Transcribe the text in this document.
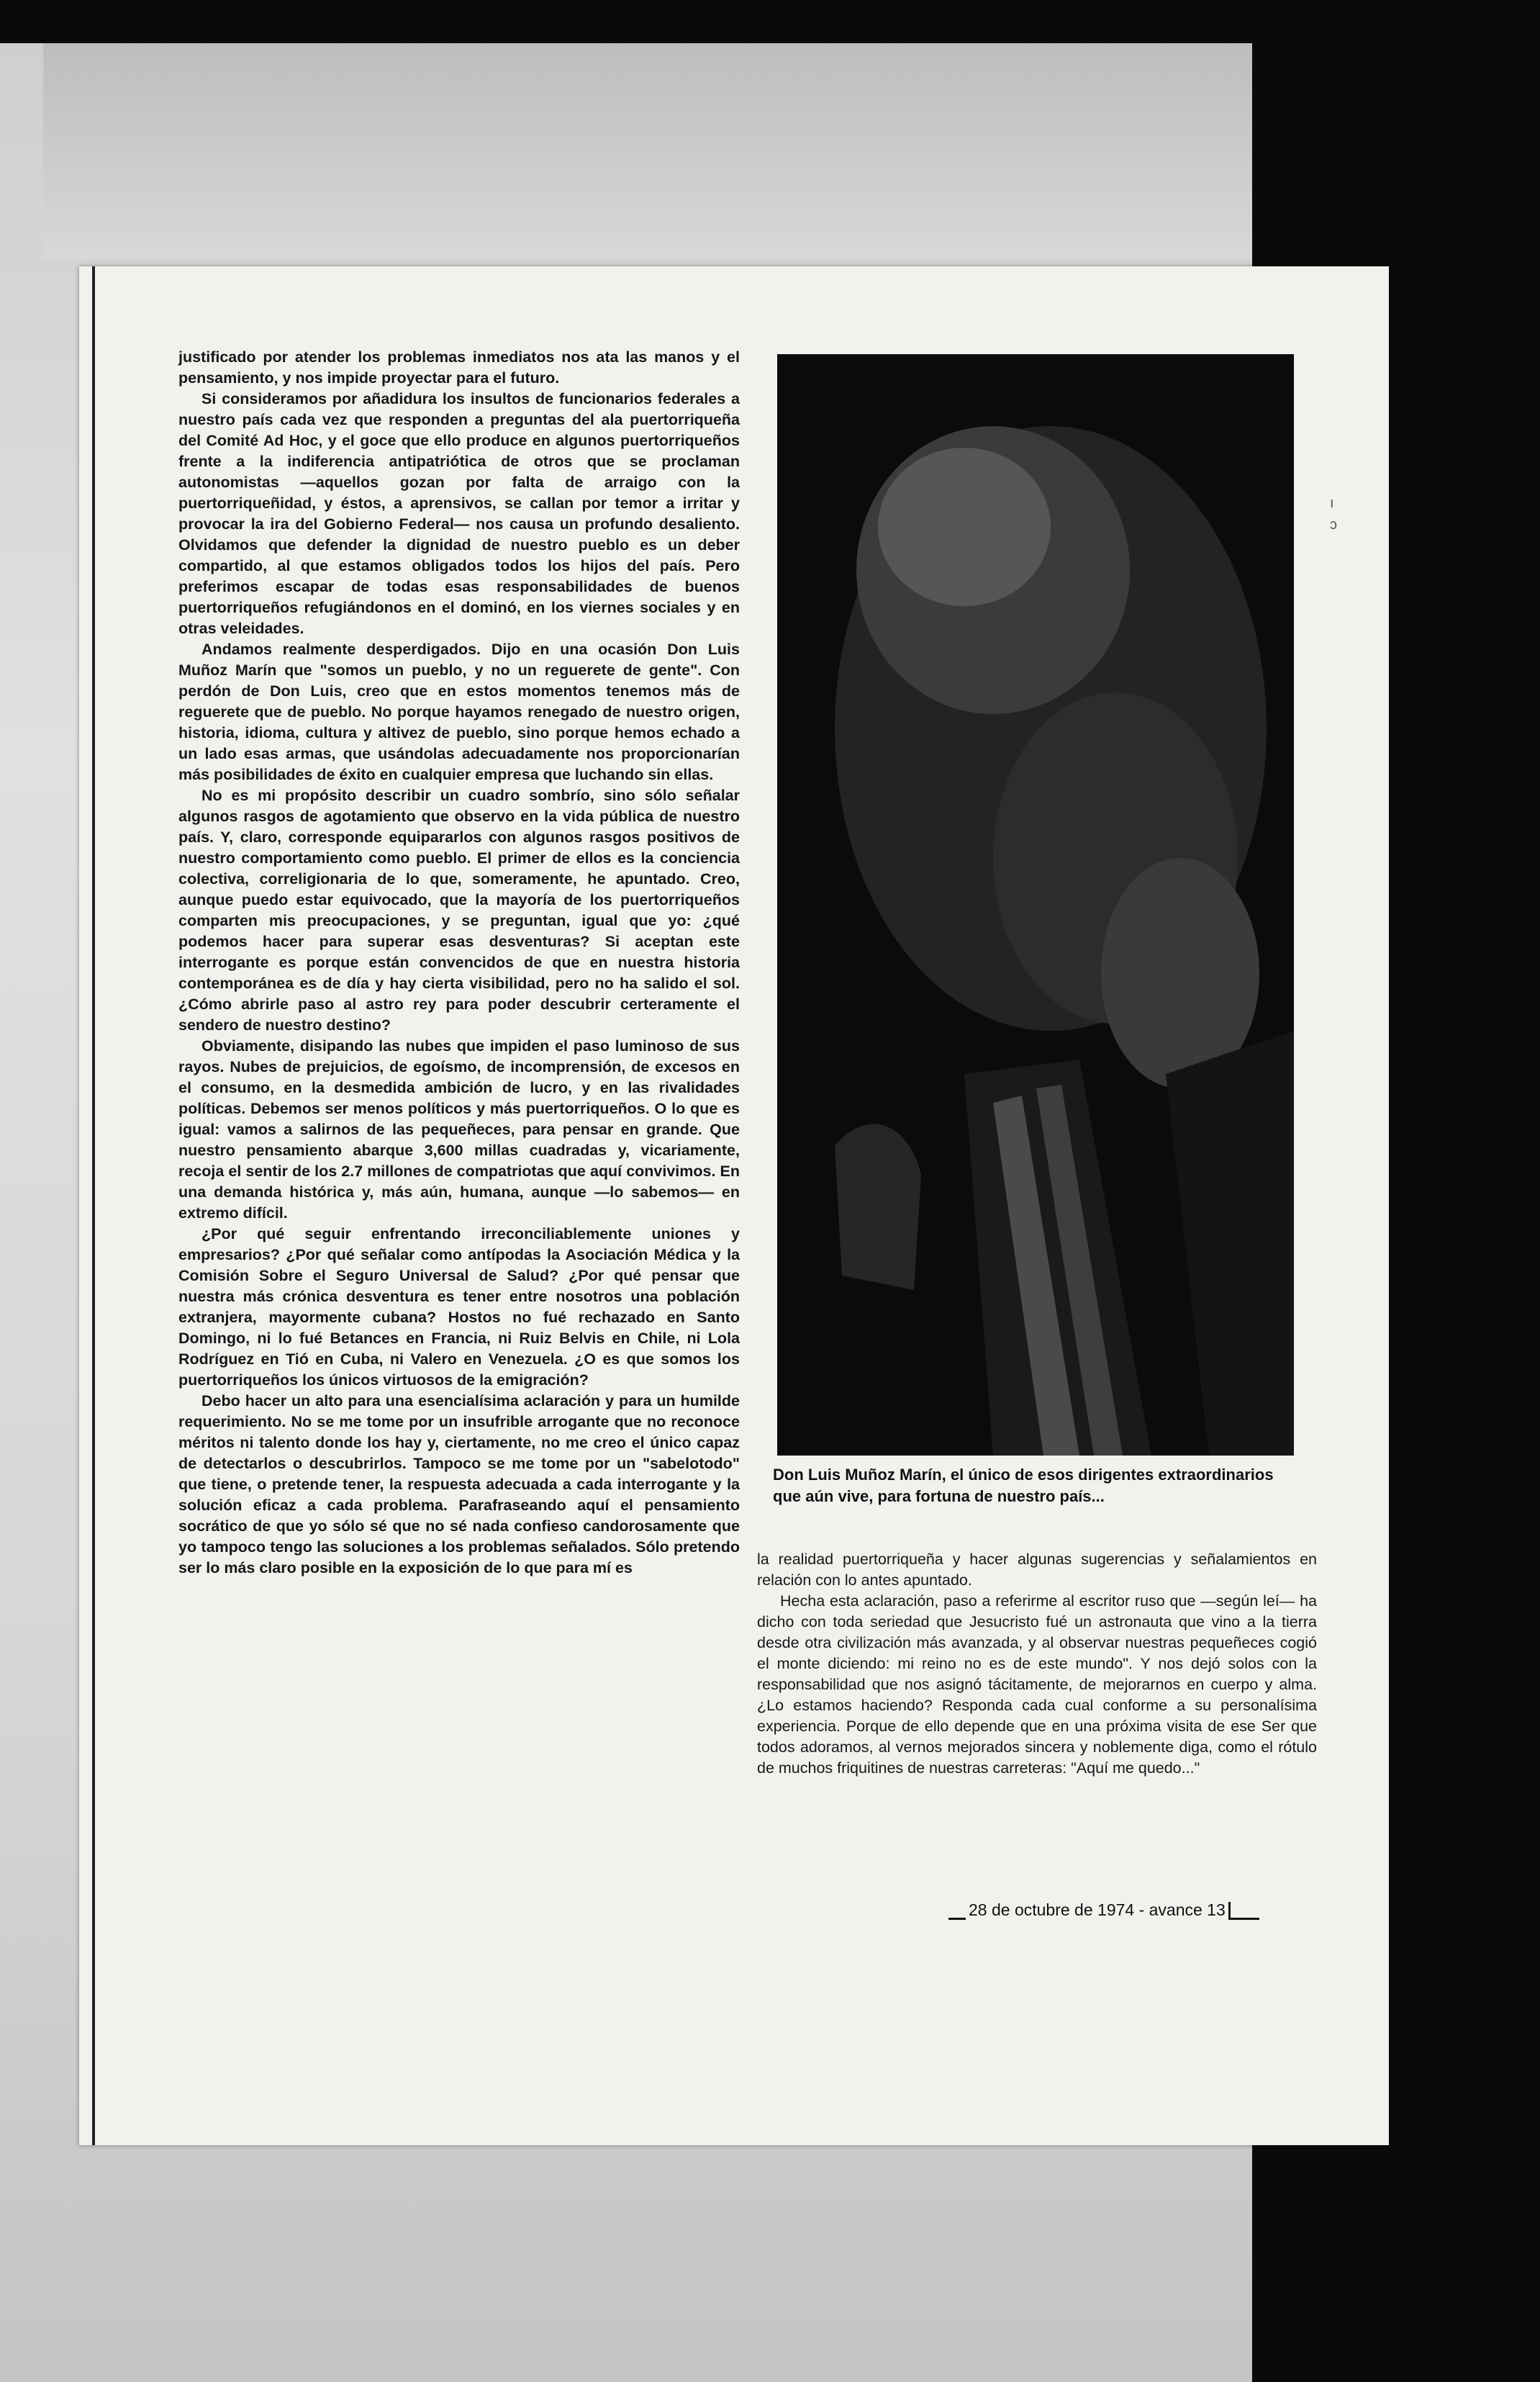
ı
ɔ

justificado por atender los problemas inmediatos nos ata las manos y el pensamiento, y nos impide proyectar para el futuro.

Si consideramos por añadidura los insultos de funcionarios federales a nuestro país cada vez que responden a preguntas del ala puertorriqueña del Comité Ad Hoc, y el goce que ello produce en algunos puertorriqueños frente a la indiferencia antipatriótica de otros que se proclaman autonomistas —aquellos gozan por falta de arraigo con la puertorriqueñidad, y éstos, a aprensivos, se callan por temor a irritar y provocar la ira del Gobierno Federal— nos causa un profundo desaliento. Olvidamos que defender la dignidad de nuestro pueblo es un deber compartido, al que estamos obligados todos los hijos del país. Pero preferimos escapar de todas esas responsabilidades de buenos puertorriqueños refugiándonos en el dominó, en los viernes sociales y en otras veleidades.

Andamos realmente desperdigados. Dijo en una ocasión Don Luis Muñoz Marín que "somos un pueblo, y no un reguerete de gente". Con perdón de Don Luis, creo que en estos momentos tenemos más de reguerete que de pueblo. No porque hayamos renegado de nuestro origen, historia, idioma, cultura y altivez de pueblo, sino porque hemos echado a un lado esas armas, que usándolas adecuadamente nos proporcionarían más posibilidades de éxito en cualquier empresa que luchando sin ellas.

No es mi propósito describir un cuadro sombrío, sino sólo señalar algunos rasgos de agotamiento que observo en la vida pública de nuestro país. Y, claro, corresponde equipararlos con algunos rasgos positivos de nuestro comportamiento como pueblo. El primer de ellos es la conciencia colectiva, correligionaria de lo que, someramente, he apuntado. Creo, aunque puedo estar equivocado, que la mayoría de los puertorriqueños comparten mis preocupaciones, y se preguntan, igual que yo: ¿qué podemos hacer para superar esas desventuras? Si aceptan este interrogante es porque están convencidos de que en nuestra historia contemporánea es de día y hay cierta visibilidad, pero no ha salido el sol. ¿Cómo abrirle paso al astro rey para poder descubrir certeramente el sendero de nuestro destino?

Obviamente, disipando las nubes que impiden el paso luminoso de sus rayos. Nubes de prejuicios, de egoísmo, de incomprensión, de excesos en el consumo, en la desmedida ambición de lucro, y en las rivalidades políticas. Debemos ser menos políticos y más puertorriqueños. O lo que es igual: vamos a salirnos de las pequeñeces, para pensar en grande. Que nuestro pensamiento abarque 3,600 millas cuadradas y, vicariamente, recoja el sentir de los 2.7 millones de compatriotas que aquí convivimos. En una demanda histórica y, más aún, humana, aunque —lo sabemos— en extremo difícil.

¿Por qué seguir enfrentando irreconciliablemente uniones y empresarios? ¿Por qué señalar como antípodas la Asociación Médica y la Comisión Sobre el Seguro Universal de Salud? ¿Por qué pensar que nuestra más crónica desventura es tener entre nosotros una población extranjera, mayormente cubana? Hostos no fué rechazado en Santo Domingo, ni lo fué Betances en Francia, ni Ruiz Belvis en Chile, ni Lola Rodríguez en Tió en Cuba, ni Valero en Venezuela. ¿O es que somos los puertorriqueños los únicos virtuosos de la emigración?

Debo hacer un alto para una esencialísima aclaración y para un humilde requerimiento. No se me tome por un insufrible arrogante que no reconoce méritos ni talento donde los hay y, ciertamente, no me creo el único capaz de detectarlos o descubrirlos. Tampoco se me tome por un "sabelotodo" que tiene, o pretende tener, la respuesta adecuada a cada interrogante y la solución eficaz a cada problema. Parafraseando aquí el pensamiento socrático de que yo sólo sé que no sé nada confieso candorosamente que yo tampoco tengo las soluciones a los problemas señalados. Sólo pretendo ser lo más claro posible en la exposición de lo que para mí es

Don Luis Muñoz Marín, el único de esos dirigentes extraordinarios que aún vive, para fortuna de nuestro país...

la realidad puertorriqueña y hacer algunas sugerencias y señalamientos en relación con lo antes apuntado.

Hecha esta aclaración, paso a referirme al escritor ruso que —según leí— ha dicho con toda seriedad que Jesucristo fué un astronauta que vino a la tierra desde otra civilización más avanzada, y al observar nuestras pequeñeces cogió el monte diciendo: mi reino no es de este mundo". Y nos dejó solos con la responsabilidad que nos asignó tácitamente, de mejorarnos en cuerpo y alma. ¿Lo estamos haciendo? Responda cada cual conforme a su personalísima experiencia. Porque de ello depende que en una próxima visita de ese Ser que todos adoramos, al vernos mejorados sincera y noblemente diga, como el rótulo de muchos friquitines de nuestras carreteras: "Aquí me quedo..."

28 de octubre de 1974 - avance 13
